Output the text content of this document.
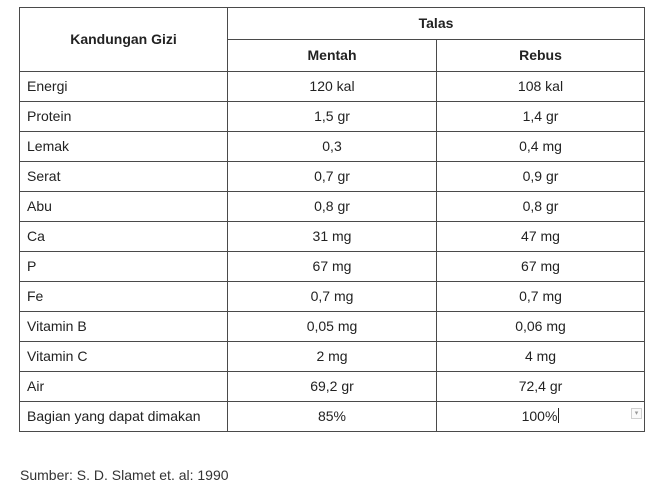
Kandungan Gizi	Talas	
	Mentah	Rebus
Energi	120 kal	108 kal
Protein	1,5 gr	1,4 gr
Lemak	0,3	0,4 mg
Serat	0,7 gr	0,9 gr
Abu	0,8 gr	0,8 gr
Ca	31 mg	47 mg
P	67 mg	67 mg
Fe	0,7 mg	0,7 mg
Vitamin B	0,05 mg	0,06 mg
Vitamin C	2 mg	4 mg
Air	69,2 gr	72,4 gr
Bagian yang dapat dimakan	85%	100% ▾
Sumber: S. D. Slamet et. al: 1990
